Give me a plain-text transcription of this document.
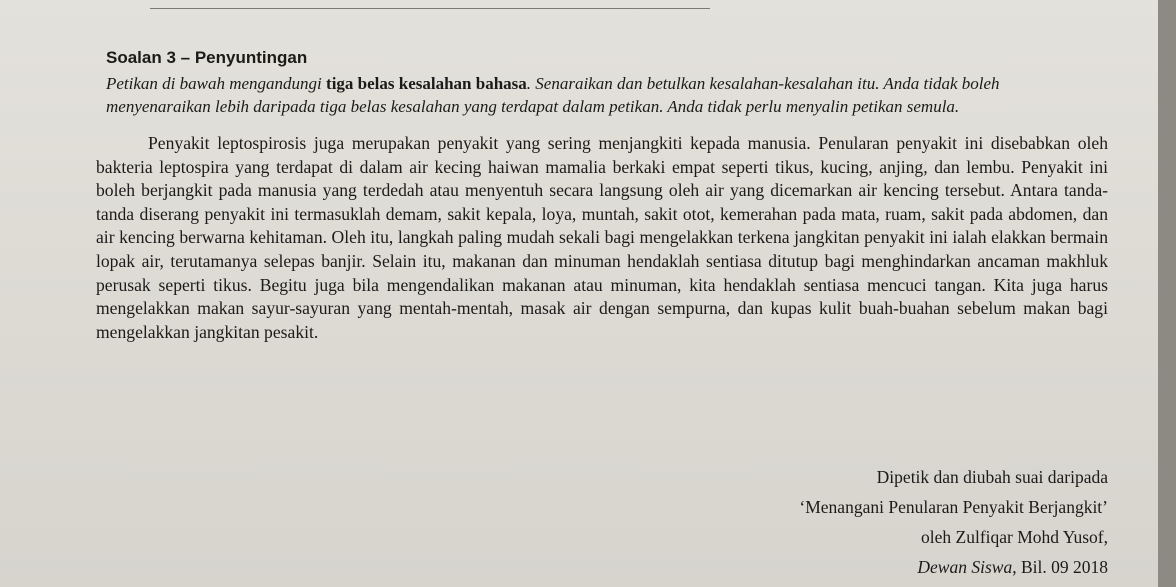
Soalan 3 – Penyuntingan

Petikan di bawah mengandungi tiga belas kesalahan bahasa. Senaraikan dan betulkan kesalahan-kesalahan itu. Anda tidak boleh menyenaraikan lebih daripada tiga belas kesalahan yang terdapat dalam petikan. Anda tidak perlu menyalin petikan semula.

Penyakit leptospirosis juga merupakan penyakit yang sering menjangkiti kepada manusia. Penularan penyakit ini disebabkan oleh bakteria leptospira yang terdapat di dalam air kecing haiwan mamalia berkaki empat seperti tikus, kucing, anjing, dan lembu. Penyakit ini boleh berjangkit pada manusia yang terdedah atau menyentuh secara langsung oleh air yang dicemarkan air kencing tersebut. Antara tanda-tanda diserang penyakit ini termasuklah demam, sakit kepala, loya, muntah, sakit otot, kemerahan pada mata, ruam, sakit pada abdomen, dan air kencing berwarna kehitaman. Oleh itu, langkah paling mudah sekali bagi mengelakkan terkena jangkitan penyakit ini ialah elakkan bermain lopak air, terutamanya selepas banjir. Selain itu, makanan dan minuman hendaklah sentiasa ditutup bagi menghindarkan ancaman makhluk perusak seperti tikus. Begitu juga bila mengendalikan makanan atau minuman, kita hendaklah sentiasa mencuci tangan. Kita juga harus mengelakkan makan sayur-sayuran yang mentah-mentah, masak air dengan sempurna, dan kupas kulit buah-buahan sebelum makan bagi mengelakkan jangkitan pesakit.

Dipetik dan diubah suai daripada
‘Menangani Penularan Penyakit Berjangkit’
oleh Zulfiqar Mohd Yusof,
Dewan Siswa, Bil. 09 2018
